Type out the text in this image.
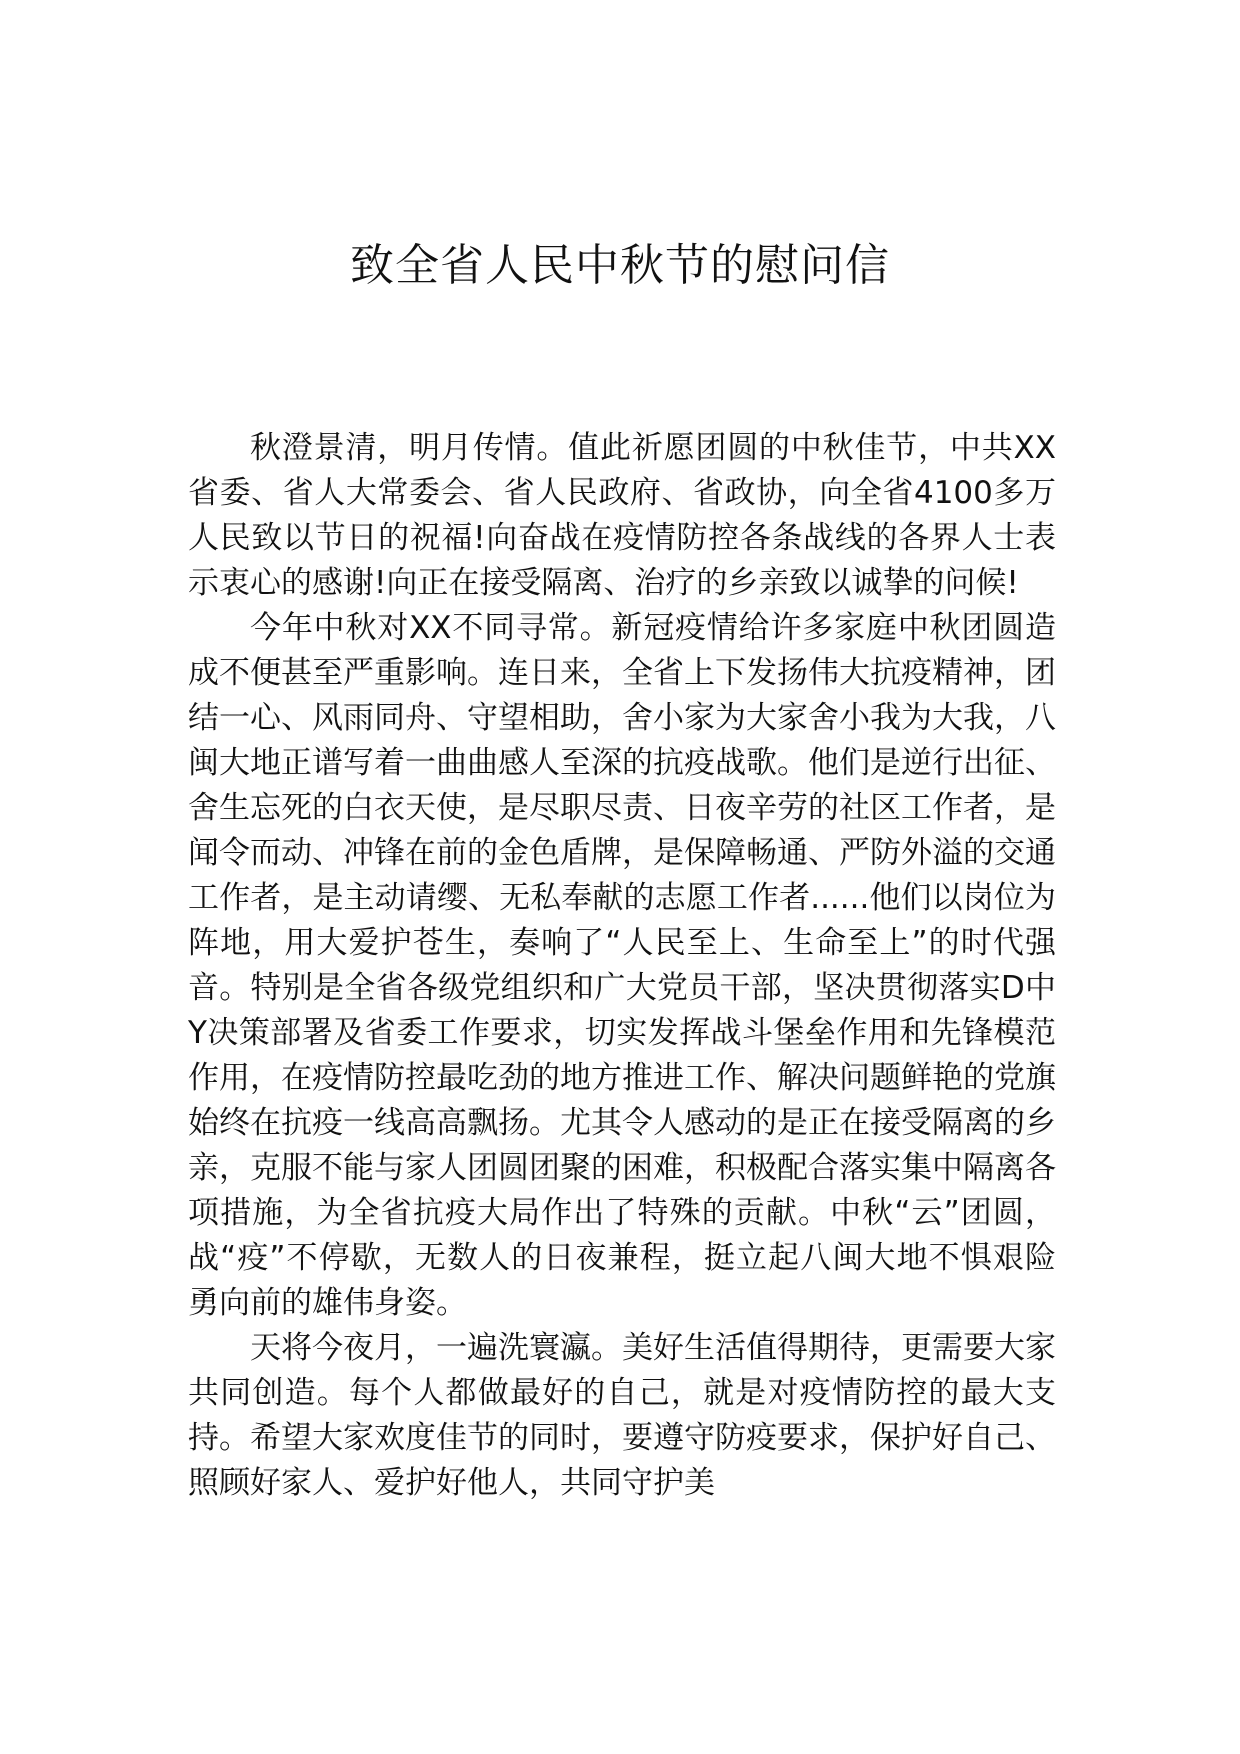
致全省人民中秋节的慰问信

秋澄景清，明月传情。值此祈愿团圆的中秋佳节，中共XX省委、省人大常委会、省人民政府、省政协，向全省4100多万人民致以节日的祝福!向奋战在疫情防控各条战线的各界人士表示衷心的感谢!向正在接受隔离、治疗的乡亲致以诚挚的问候!

今年中秋对XX不同寻常。新冠疫情给许多家庭中秋团圆造成不便甚至严重影响。连日来，全省上下发扬伟大抗疫精神，团结一心、风雨同舟、守望相助，舍小家为大家舍小我为大我，八闽大地正谱写着一曲曲感人至深的抗疫战歌。他们是逆行出征、舍生忘死的白衣天使，是尽职尽责、日夜辛劳的社区工作者，是闻令而动、冲锋在前的金色盾牌，是保障畅通、严防外溢的交通工作者，是主动请缨、无私奉献的志愿工作者......他们以岗位为阵地，用大爱护苍生，奏响了“人民至上、生命至上”的时代强音。特别是全省各级党组织和广大党员干部，坚决贯彻落实D中Y决策部署及省委工作要求，切实发挥战斗堡垒作用和先锋模范作用，在疫情防控最吃劲的地方推进工作、解决问题鲜艳的党旗始终在抗疫一线高高飘扬。尤其令人感动的是正在接受隔离的乡亲，克服不能与家人团圆团聚的困难，积极配合落实集中隔离各项措施，为全省抗疫大局作出了特殊的贡献。中秋“云”团圆，战“疫”不停歇，无数人的日夜兼程，挺立起八闽大地不惧艰险勇向前的雄伟身姿。

天将今夜月，一遍洗寰瀛。美好生活值得期待，更需要大家共同创造。每个人都做最好的自己，就是对疫情防控的最大支持。希望大家欢度佳节的同时，要遵守防疫要求，保护好自己、照顾好家人、爱护好他人，共同守护美
